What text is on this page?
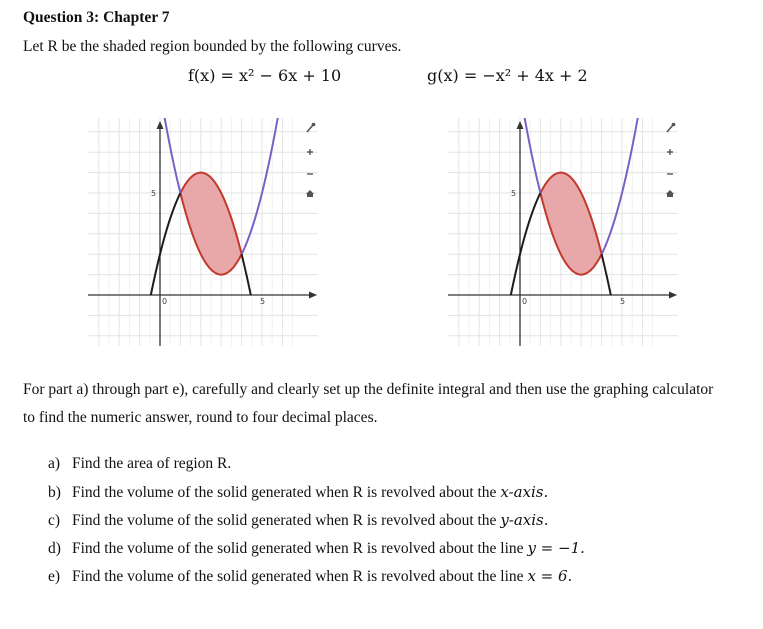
Question 3: Chapter 7
Let R be the shaded region bounded by the following curves.
f(x) = x² − 6x + 10	g(x) = −x² + 4x + 2
5
0	5
5
0	5
For part a) through part e), carefully and clearly set up the definite integral and then use the graphing calculator
to find the numeric answer, round to four decimal places.
a) Find the area of region R.
b) Find the volume of the solid generated when R is revolved about the x-axis.
c) Find the volume of the solid generated when R is revolved about the y-axis.
d) Find the volume of the solid generated when R is revolved about the line y = −1.
e) Find the volume of the solid generated when R is revolved about the line x = 6.
